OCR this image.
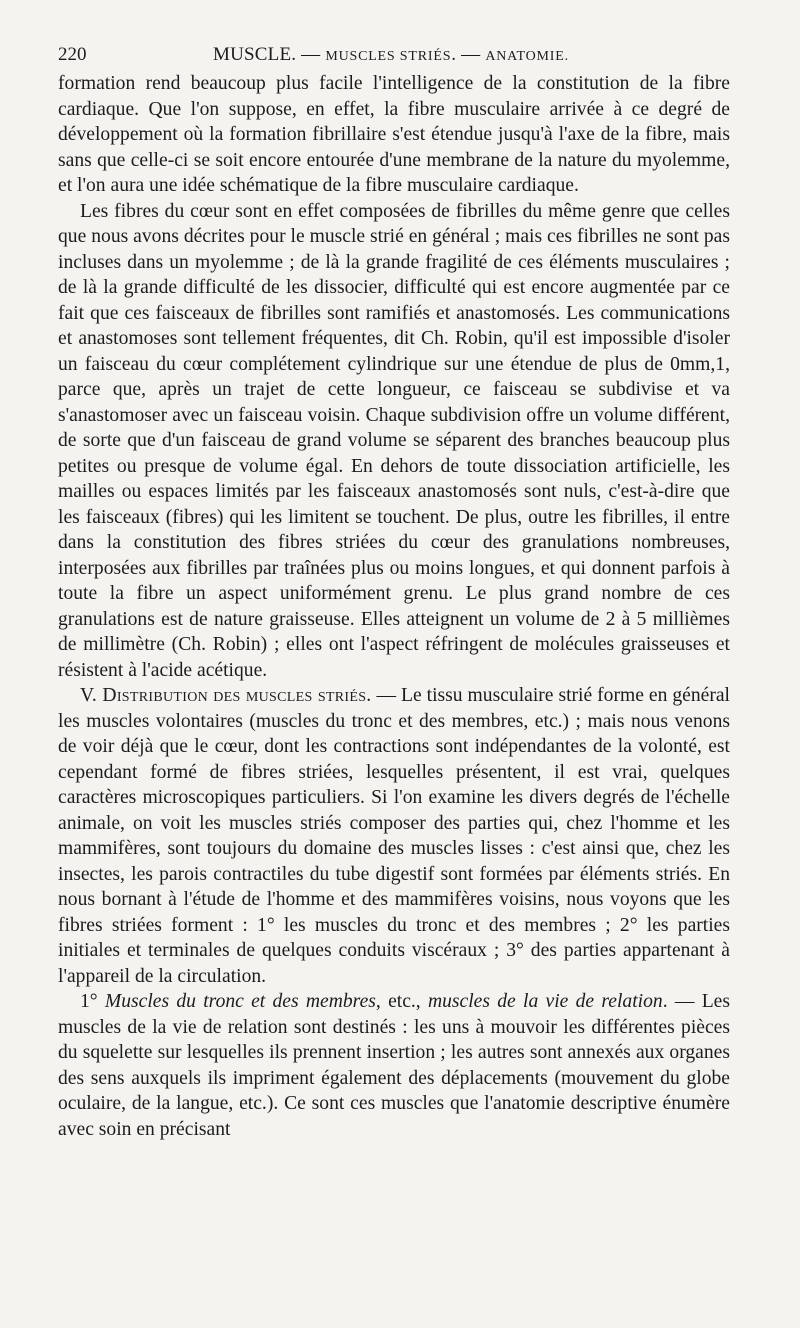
220	MUSCLE. — MUSCLES STRIÉS. — ANATOMIE.

formation rend beaucoup plus facile l'intelligence de la constitution de la fibre cardiaque. Que l'on suppose, en effet, la fibre musculaire arrivée à ce degré de développement où la formation fibrillaire s'est étendue jusqu'à l'axe de la fibre, mais sans que celle-ci se soit encore entourée d'une membrane de la nature du myolemme, et l'on aura une idée schématique de la fibre musculaire cardiaque.

Les fibres du cœur sont en effet composées de fibrilles du même genre que celles que nous avons décrites pour le muscle strié en général ; mais ces fibrilles ne sont pas incluses dans un myolemme ; de là la grande fragilité de ces éléments musculaires ; de là la grande difficulté de les dissocier, difficulté qui est encore augmentée par ce fait que ces faisceaux de fibrilles sont ramifiés et anastomosés. Les communications et anastomoses sont tellement fréquentes, dit Ch. Robin, qu'il est impossible d'isoler un faisceau du cœur complétement cylindrique sur une étendue de plus de 0mm,1, parce que, après un trajet de cette longueur, ce faisceau se subdivise et va s'anastomoser avec un faisceau voisin. Chaque subdivision offre un volume différent, de sorte que d'un faisceau de grand volume se séparent des branches beaucoup plus petites ou presque de volume égal. En dehors de toute dissociation artificielle, les mailles ou espaces limités par les faisceaux anastomosés sont nuls, c'est-à-dire que les faisceaux (fibres) qui les limitent se touchent. De plus, outre les fibrilles, il entre dans la constitution des fibres striées du cœur des granulations nombreuses, interposées aux fibrilles par traînées plus ou moins longues, et qui donnent parfois à toute la fibre un aspect uniformément grenu. Le plus grand nombre de ces granulations est de nature graisseuse. Elles atteignent un volume de 2 à 5 millièmes de millimètre (Ch. Robin) ; elles ont l'aspect réfringent de molécules graisseuses et résistent à l'acide acétique.

V. Distribution des muscles striés. — Le tissu musculaire strié forme en général les muscles volontaires (muscles du tronc et des membres, etc.) ; mais nous venons de voir déjà que le cœur, dont les contractions sont indépendantes de la volonté, est cependant formé de fibres striées, lesquelles présentent, il est vrai, quelques caractères microscopiques particuliers. Si l'on examine les divers degrés de l'échelle animale, on voit les muscles striés composer des parties qui, chez l'homme et les mammifères, sont toujours du domaine des muscles lisses : c'est ainsi que, chez les insectes, les parois contractiles du tube digestif sont formées par éléments striés. En nous bornant à l'étude de l'homme et des mammifères voisins, nous voyons que les fibres striées forment : 1° les muscles du tronc et des membres ; 2° les parties initiales et terminales de quelques conduits viscéraux ; 3° des parties appartenant à l'appareil de la circulation.

1° Muscles du tronc et des membres, etc., muscles de la vie de relation. — Les muscles de la vie de relation sont destinés : les uns à mouvoir les différentes pièces du squelette sur lesquelles ils prennent insertion ; les autres sont annexés aux organes des sens auxquels ils impriment également des déplacements (mouvement du globe oculaire, de la langue, etc.). Ce sont ces muscles que l'anatomie descriptive énumère avec soin en précisant
